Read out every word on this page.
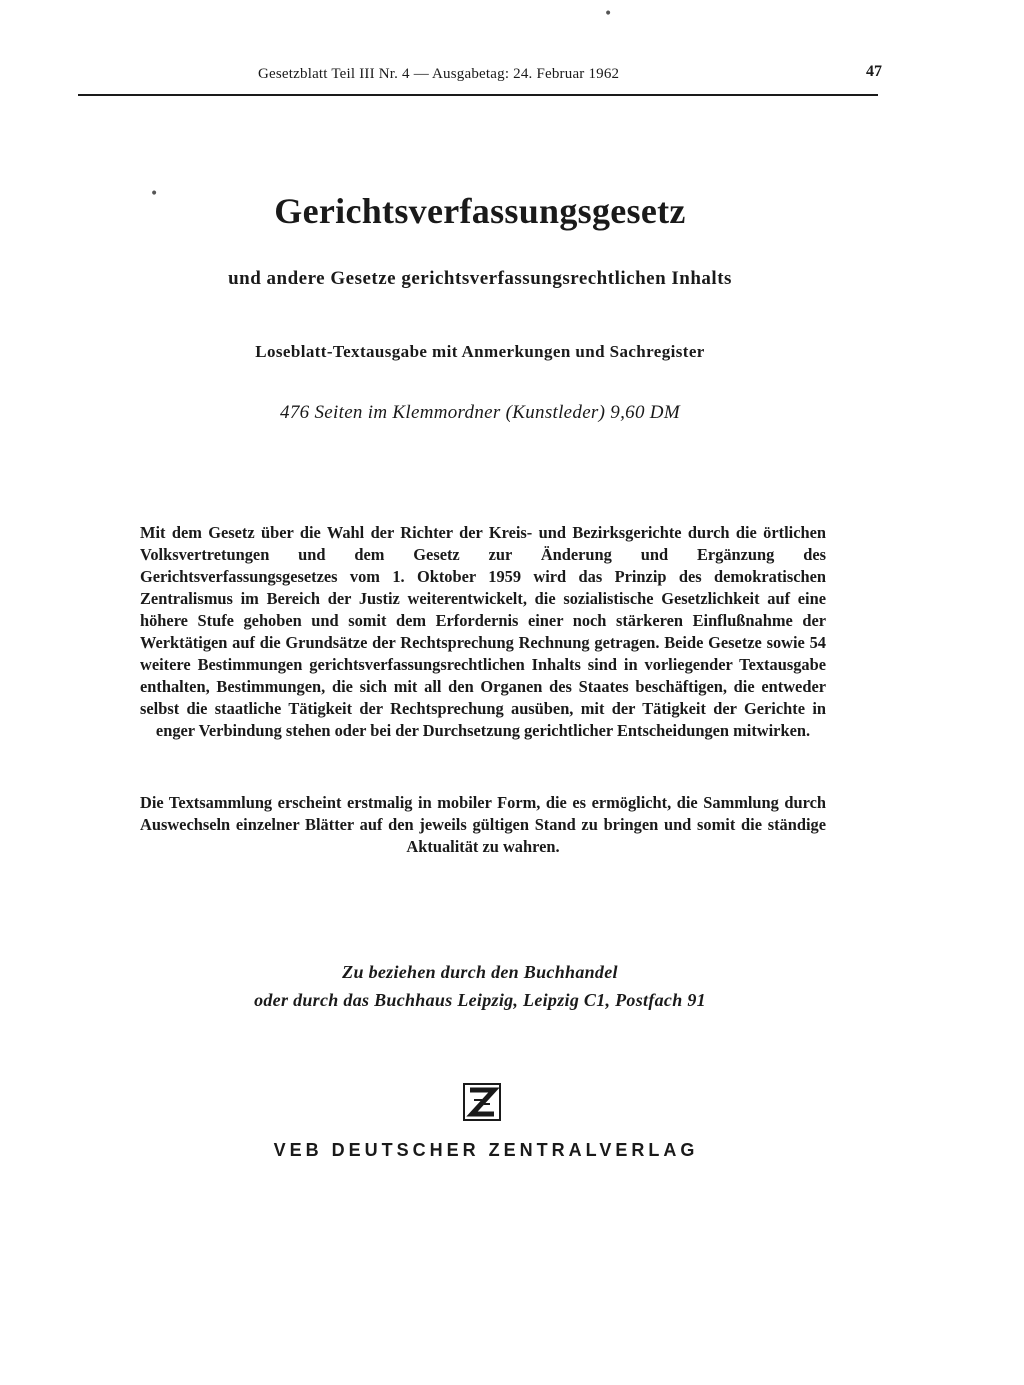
Gesetzblatt Teil III Nr. 4 — Ausgabetag: 24. Februar 1962	47
•
•
Gerichtsverfassungsgesetz
und andere Gesetze gerichtsverfassungsrechtlichen Inhalts
Loseblatt-Textausgabe mit Anmerkungen und Sachregister
476 Seiten im Klemmordner (Kunstleder) 9,60 DM

Mit dem Gesetz über die Wahl der Richter der Kreis- und Bezirksgerichte durch die örtlichen Volksvertretungen und dem Gesetz zur Änderung und Ergänzung des Gerichtsverfassungsgesetzes vom 1. Oktober 1959 wird das Prinzip des demokratischen Zentralismus im Bereich der Justiz weiterentwickelt, die sozialistische Gesetzlichkeit auf eine höhere Stufe gehoben und somit dem Erfordernis einer noch stärkeren Einflußnahme der Werktätigen auf die Grundsätze der Rechtsprechung Rechnung getragen. Beide Gesetze sowie 54 weitere Bestimmungen gerichtsverfassungsrechtlichen Inhalts sind in vorliegender Textausgabe enthalten, Bestimmungen, die sich mit all den Organen des Staates beschäftigen, die entweder selbst die staatliche Tätigkeit der Rechtsprechung ausüben, mit der Tätigkeit der Gerichte in enger Verbindung stehen oder bei der Durchsetzung gerichtlicher Entscheidungen mitwirken.

Die Textsammlung erscheint erstmalig in mobiler Form, die es ermöglicht, die Sammlung durch Auswechseln einzelner Blätter auf den jeweils gültigen Stand zu bringen und somit die ständige Aktualität zu wahren.

Zu beziehen durch den Buchhandel
oder durch das Buchhaus Leipzig, Leipzig C1, Postfach 91
VEB DEUTSCHER ZENTRALVERLAG
